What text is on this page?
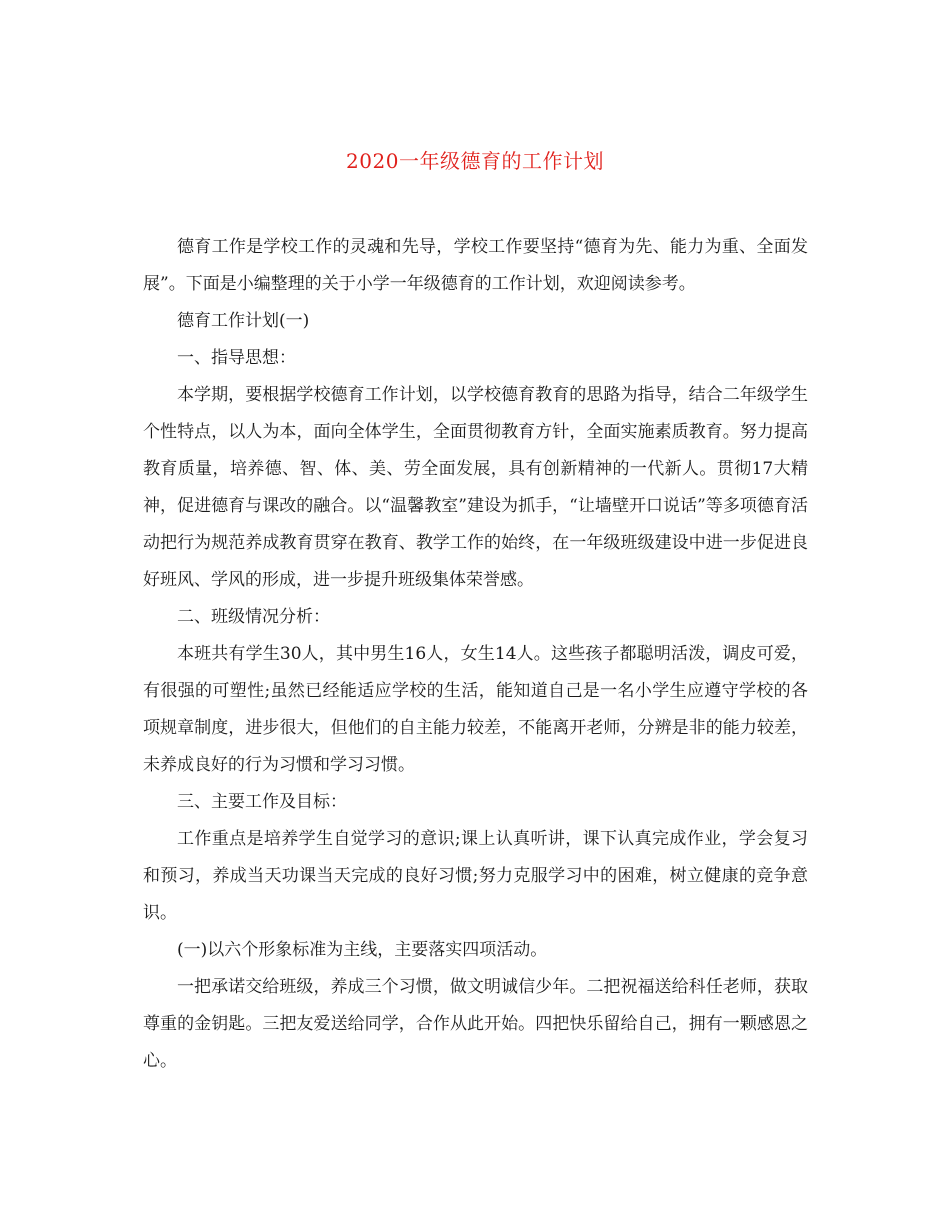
2020一年级德育的工作计划

德育工作是学校工作的灵魂和先导，学校工作要坚持“德育为先、能力为重、全面发展”。下面是小编整理的关于小学一年级德育的工作计划，欢迎阅读参考。

德育工作计划(一)

一、指导思想：

本学期，要根据学校德育工作计划，以学校德育教育的思路为指导，结合二年级学生个性特点，以人为本，面向全体学生，全面贯彻教育方针，全面实施素质教育。努力提高教育质量，培养德、智、体、美、劳全面发展，具有创新精神的一代新人。贯彻17大精神，促进德育与课改的融合。以“温馨教室”建设为抓手，“让墙壁开口说话”等多项德育活动把行为规范养成教育贯穿在教育、教学工作的始终，在一年级班级建设中进一步促进良好班风、学风的形成，进一步提升班级集体荣誉感。

二、班级情况分析：

本班共有学生30人，其中男生16人，女生14人。这些孩子都聪明活泼，调皮可爱，有很强的可塑性;虽然已经能适应学校的生活，能知道自己是一名小学生应遵守学校的各项规章制度，进步很大，但他们的自主能力较差，不能离开老师，分辨是非的能力较差，未养成良好的行为习惯和学习习惯。

三、主要工作及目标：

工作重点是培养学生自觉学习的意识;课上认真听讲，课下认真完成作业，学会复习和预习，养成当天功课当天完成的良好习惯;努力克服学习中的困难，树立健康的竞争意识。

(一)以六个形象标准为主线，主要落实四项活动。

一把承诺交给班级，养成三个习惯，做文明诚信少年。二把祝福送给科任老师，获取尊重的金钥匙。三把友爱送给同学，合作从此开始。四把快乐留给自己，拥有一颗感恩之心。
